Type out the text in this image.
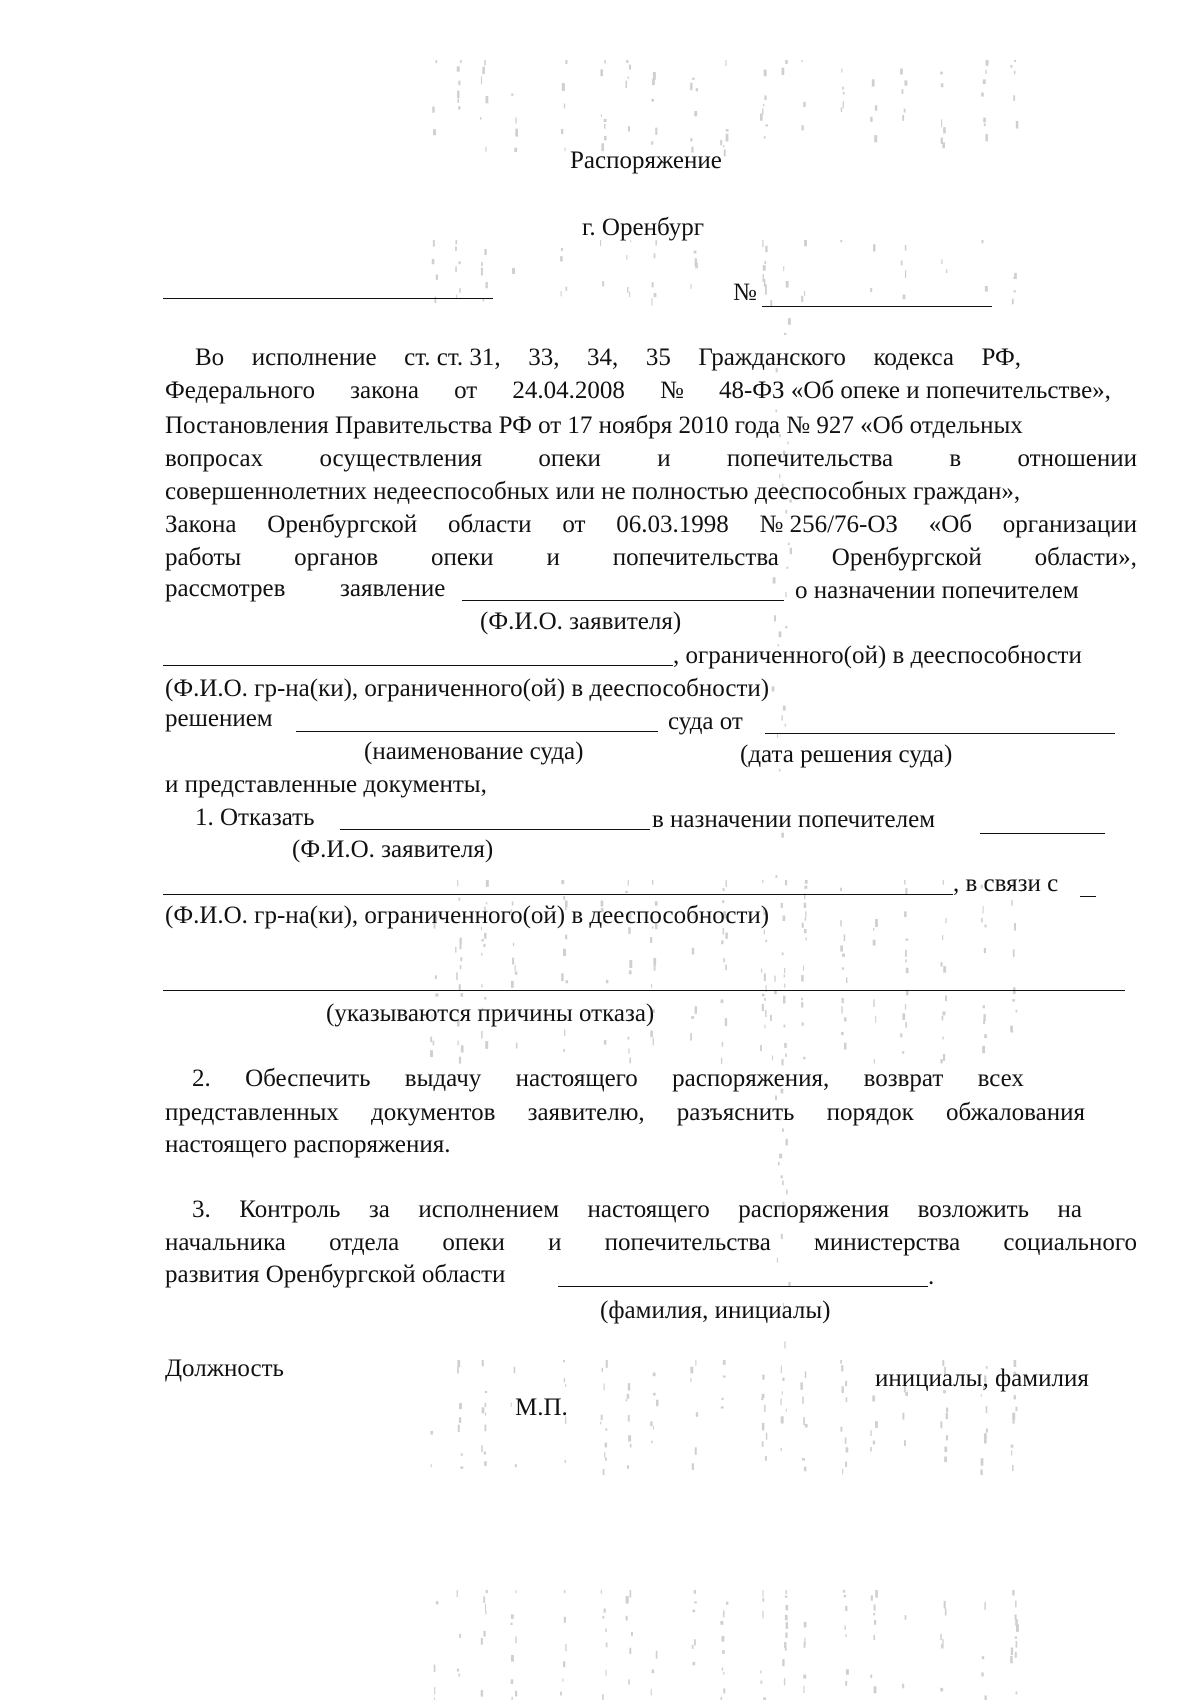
Распоряжение
г. Оренбург
№
Во исполнение ст. ст. 31, 33, 34, 35 Гражданского кодекса РФ,
Федерального закона от 24.04.2008 № 48-ФЗ «Об опеке и попечительстве»,
Постановления Правительства РФ от 17 ноября 2010 года № 927 «Об отдельных
вопросах осуществления опеки и попечительства в отношении
совершеннолетних недееспособных или не полностью дееспособных граждан»,
Закона Оренбургской области от 06.03.1998 № 256/76-ОЗ «Об организации
работы органов опеки и попечительства Оренбургской области»,
рассмотрев заявление	о назначении попечителем
(Ф.И.О. заявителя)
, ограниченного(ой) в дееспособности
(Ф.И.О. гр-на(ки), ограниченного(ой) в дееспособности)
решением	суда от
(наименование суда)	(дата решения суда)
и представленные документы,
1. Отказать	в назначении попечителем
(Ф.И.О. заявителя)
, в связи с
(Ф.И.О. гр-на(ки), ограниченного(ой) в дееспособности)
(указываются причины отказа)
2. Обеспечить выдачу настоящего распоряжения, возврат всех
представленных документов заявителю, разъяснить порядок обжалования
настоящего распоряжения.
3. Контроль за исполнением настоящего распоряжения возложить на
начальника отдела опеки и попечительства министерства социального
развития Оренбургской области	.
(фамилия, инициалы)
Должность	инициалы, фамилия
М.П.
